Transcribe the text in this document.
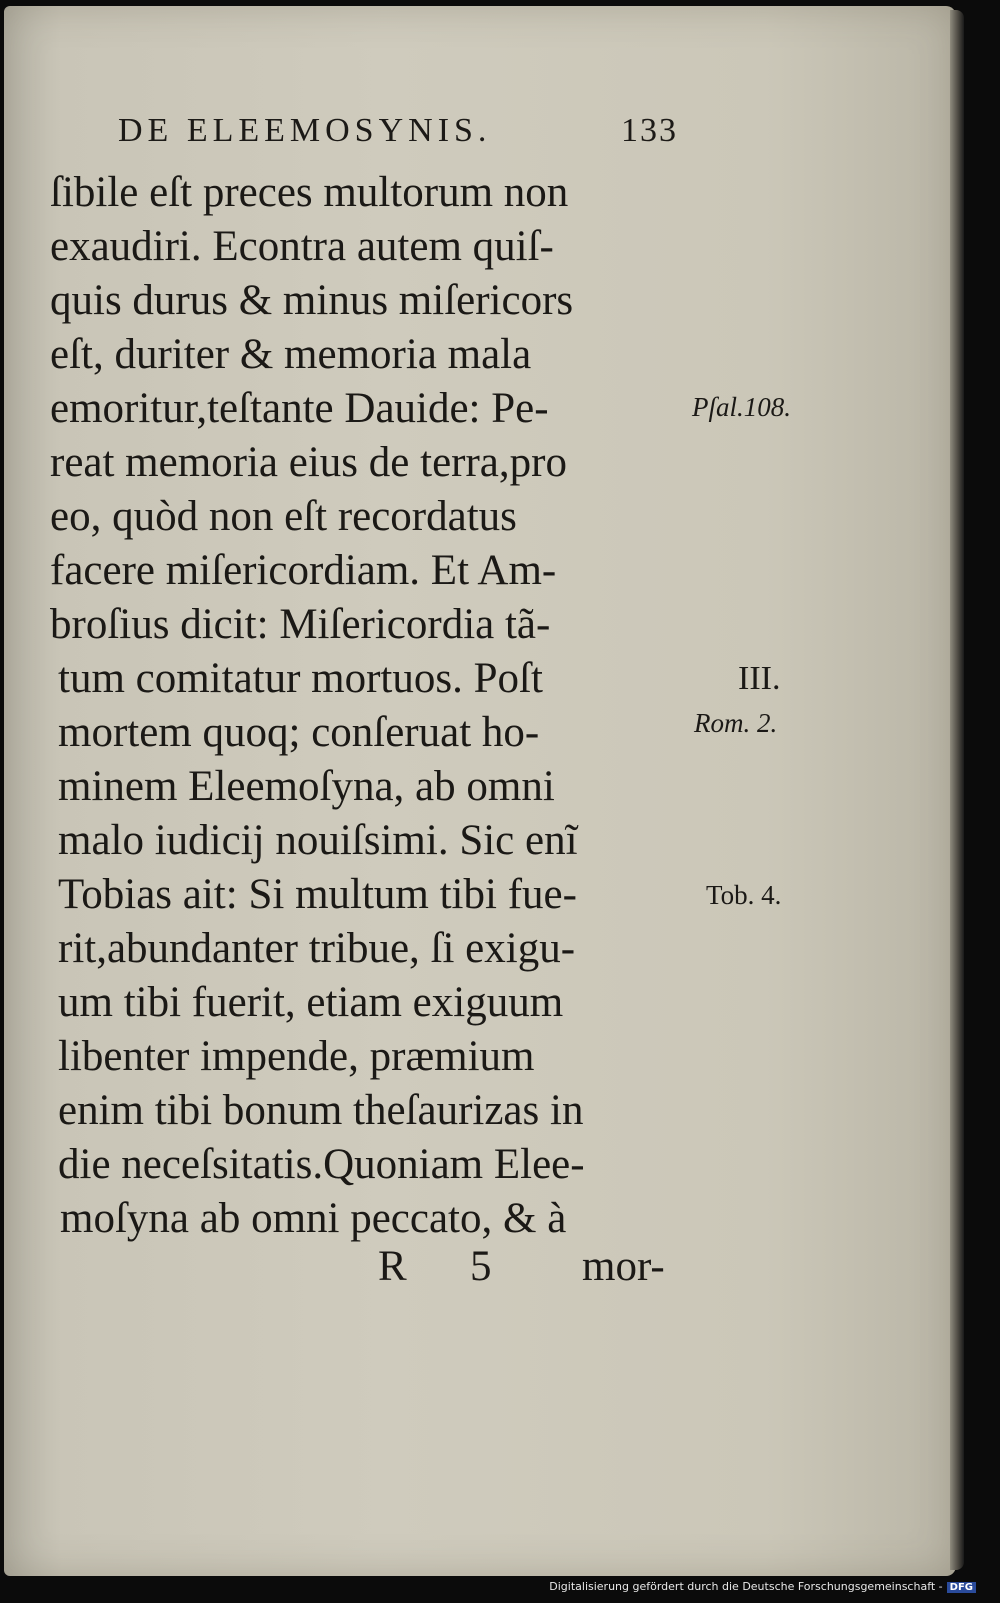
DE ELEEMOSYNIS.	133
ſibile eſt preces multorum non
exaudiri. Econtra autem quiſ-
quis durus & minus miſericors
eſt, duriter & memoria mala
emoritur,teſtante Dauide: Pe-
reat memoria eius de terra,pro
eo, quòd non eſt recordatus
facere miſericordiam. Et Am-
broſius dicit: Miſericordia tã-
tum comitatur mortuos. Poſt
mortem quoq; conſeruat ho-
minem Eleemoſyna, ab omni
malo iudicij nouiſsimi. Sic enĩ
Tobias ait: Si multum tibi fue-
rit,abundanter tribue, ſi exigu-
um tibi fuerit, etiam exiguum
libenter impende, præmium
enim tibi bonum theſaurizas in
die neceſsitatis.Quoniam Elee-
moſyna ab omni peccato, & à
R 5 mor-
Pſal.108.
III.
Rom. 2.
Tob. 4.
Digitalisierung gefördert durch die Deutsche Forschungsgemeinschaft - DFG
